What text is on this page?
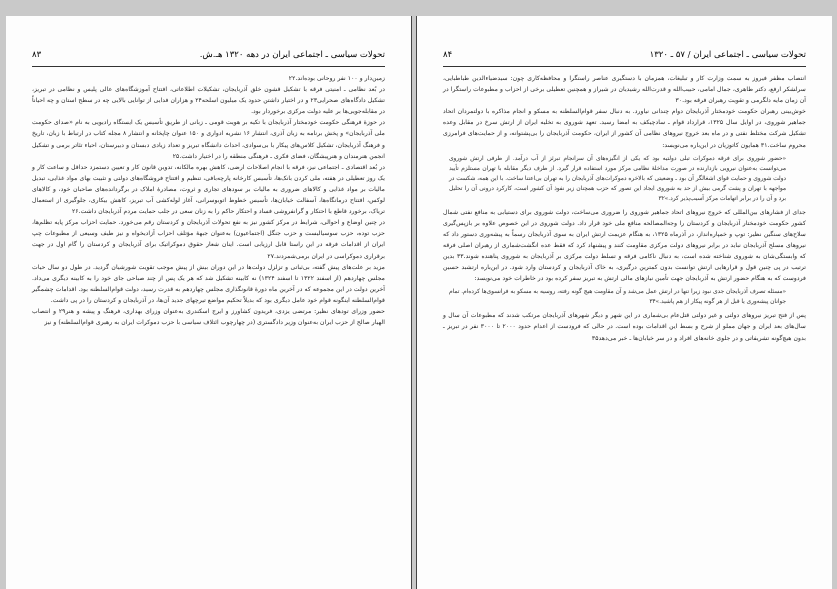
تحولات سیاسی ـ اجتماعی ایران در دهه ۱۳۲۰ هـ.ش.
۸۳

زمین‌دار و ۱۰۰ نفر روحانی بوده‌اند.۲۲

در بُعد نظامی ـ امنیتی فرقه با تشکیل قشون خلق آذربایجان، تشکیلات اطلاعاتی، افتتاح آموزشگاه‌های عالی پلیس و نظامی در تبریز، تشکیل دادگاه‌های صحرایی۲۳ و در اختیار داشتن حدود یک میلیون اسلحه۲۴ و هزاران فدایی از توانایی بالایی چه در سطح استان و چه احیاناً در مقابله‌جویی‌ها بر علیه دولت مرکزی برخوردار بود.

در حوزهٔ فرهنگی حکومت خودمختار آذربایجان با تکیه بر هویت قومی ـ زبانی از طریق تأسیس یک ایستگاه رادیویی به نام «صدای حکومت ملی آذربایجان» و پخش برنامه به زبان آذری، انتشار ۱۶ نشریه ادواری و ۱۵۰ عنوان چاپخانه و انتشار ۸ مجله کتاب در ارتباط با زبان، تاریخ و فرهنگ آذربایجان، تشکیل کلاس‌های پیکار با بی‌سوادی، احداث دانشگاه تبریز و تعداد زیادی دبستان و دبیرستان، احیاء تئاتر برمی و تشکیل انجمن هنرمندان و هنرپیشگان، فضای فکری ـ فرهنگی منطقه را در اختیار داشت.۲۵

در بُعد اقتصادی ـ اجتماعی نیز، فرقه با انجام اصلاحات ارضی، کاهش بهره مالکانه، تدوین قانون کار و تعیین دستمزد حداقل و ساعت کار و یک روز تعطیلی در هفته، ملی کردن بانک‌ها، تأسیس کارخانه پارچه‌بافی، تنظیم و افتتاح فروشگاه‌های دولتی و تثبیت بهای مواد غذایی، تبدیل مالیات بر مواد غذایی و کالاهای ضروری به مالیات بر سودهای تجاری و ثروت، مصادرهٔ املاک در برگردانده‌های صاحبان خود، و کالاهای لوکس، افتتاح درمانگاه‌ها، آسفالت خیابان‌ها، تأسیس خطوط اتوبوسرانی، آغاز لوله‌کشی آب تبریز، کاهش بیکاری، جلوگیری از استعمال تریاک، برخورد قاطع با احتکار و گرانفروشی فساد و احتکار حاکم را به زنان سعی در جلب حمایت مردم آذربایجان داشت.۲۶

در چنین اوضاع و احوالی، شرایط در مرکز کشور نیز به نفع تحولات آذربایجان و کردستان رقم می‌خورد. حمایت احزاب مرکز پایه تظلم‌ها، حزب توده، حزب سوسیالیست و حزب جنگل (اجتماعیون) به‌عنوان جبههٔ مؤتلف احزاب آزادیخواه و نیز طیف وسیعی از مطبوعات چپ ایران از اقدامات فرقه در این راستا قابل ارزیابی است. اینان شعار حقوق دموکراتیک برای آذربایجان و کردستان را گام اول در جهت برقراری دموکراسی در ایران برمی‌شمردند.۲۷

مزید بر علت‌های پیش گفته، بی‌ثباتی و تزلزل دولت‌ها در این دوران بیش از پیش موجب تقویت شورشیان گردید. در طول دو سال حیات مجلس چهاردهم (از اسفند ۱۳۲۲ تا اسفند ۱۳۲۴) نه کابینه تشکیل شد که هر یک پس از چند صباحی جای خود را به کابینه دیگری می‌داد. آخرین دولت در این مجموعه که در آخرین ماه دورهٔ قانونگذاری مجلس چهاردهم به قدرت رسید، دولت قوام‌السلطنه بود. اقدامات چشمگیر قوام‌السلطنه اینگونه قوام خود عامل دیگری بود که بدیلاً تحکیم مواضع تیرچهای جدید آن‌ها، در آذربایجان و کردستان را در پی داشت.

حضور وزرای تودهای نظیر: مرتضی یزدی، فریدون کشاورز و ایرج اسکندری به‌عنوان وزرای بهداری، فرهنگ و پیشه و هنر۲۹ و انتصاب الهیار صالح از حزب ایران به‌عنوان وزیر دادگستری (در چهارچوب ائتلاف سیاسی با حزب دموکرات ایران به رهبری قوام‌السلطنه) و نیز

تحولات سیاسی ـ اجتماعی ایران / ۵۷ ـ ۱۳۲۰
۸۴

انتصاب مظفر فیروز به سمت وزارت کار و تبلیغات، همزمان با دستگیری عناصر راستگرا و محافظه‌کاری چون: سیدضیاءالدین طباطبایی، سرلشکر ارفع، دکتر طاهری، جمال امامی، حبیب‌الله و قدرت‌الله رشیدیان در شیراز و همچنین تعطیلی برخی از احزاب و مطبوعات راستگرا در آن زمان مایه دلگرمی و تقویت رهبران فرقه بود.۳۰

خوش‌بینی رهبران حکومت خودمختار آذربایجان دوام چندانی نیاورد. به دنبال سفر قوام‌السلطنه به مسکو و انجام مذاکره با دولتمردان اتحاد جماهیر شوروی، در اوایل سال ۱۳۲۵، قرارداد قوام ـ سادچیکف به امضا رسید. تعهد شوروی به تخلیه ایران از ارتش سرخ در مقابل وعده تشکیل شرکت مختلط نفتی و در ماه بعد خروج نیروهای نظامی آن کشور از ایران، حکومت آذربایجان را بی‌پشتوانه، و از حمایت‌های فرامرزی محروم ساخت.۳۱ همایون کاتوزیان در این‌باره می‌نویسد:

«حضور شوروی برای فرقه دموکرات تبلی دولتیه بود که یکی از انگیزه‌های آن سرانجام تبرئز از آب درآمد. از طرفی ارتش شوروی می‌توانست بەعنوان نیرویی بازدارنده در صورت مداخلهٔ نظامی مرکز مورد استفاده قرار گیرد. از طرف دیگر مقابله با تهران مستلزم تأیید دولت شوروی و حمایت قوای اشغالگر آن بود ـ وضعیتی که بالاخره دموکرات‌های آذربایجان را به تهران بی‌اعتنا ساخت. با این همه، شکست در مواجهه با تهران و پشت گرمی بیش از حد به شوروی ایجاد این تصور که حزب همچنان زیر نفوذ آن کشور است، کارکرد درونی آن را تحلیل برد و آن را در برابر اتهامات مرکز آسیب‌پذیر کرد.»۳۲

جدای از فشارهای بین‌المللی که خروج نیروهای اتحاد جماهیر شوروی را ضروری می‌ساخت، دولت شوروی برای دستیابی به منافع نفتی شمال کشور حکومت خودمختار آذربایجان و کردستان را وجه‌المصالحه منافع ملی خود قرار داد. دولت شوروی در این خصوص علاوه بر بازپس‌گیری سلاح‌های سنگین نظیر: توپ و خمپاره‌انداز، در آذرماه ۱۳۲۵، به هنگام عزیمت ارتش ایران به سوی آذربایجان رسماً به پیشه‌وری دستور داد که نیروهای مسلح آذربایجان نباید در برابر نیروهای دولت مرکزی مقاومت کنند و پیشنهاد کرد که فقط عده انگشت‌شماری از رهبران اصلی فرقه که وابستگی‌شان به شوروی شناخته شده است، به دنبال ناکامی فرقه و تسلط دولت مرکزی بر آذربایجان به شوروی پناهنده شوند.۳۳ بدین ترتیب در پی چنین قول و قرارهایی ارتش توانست بدون کمترین درگیری، به خاک آذربایجان و کردستان وارد شود. در این‌باره ارتشبد حسین فردوست که به هنگام حضور ارتش به آذربایجان جهت تأمین نیازهای مالی ارتش به تبریز سفر کرده بود در خاطرات خود می‌نویسد:

«مسئله تصرف آذربایجان جدی نبود زیرا تنها در ارتش عمل می‌شد و آن مقاومت هیچ گونه رفته، روسیه به مسکو به فرانسوی‌ها کرده‌ام. تمام جوانان پیشه‌وری یا قبل از هر گونه پیکار از هم پاشید.»۳۴

پس از فتح تبریز نیروهای دولتی و غیر دولتی قتل‌عام بی‌شماری در این شهر و دیگر شهرهای آذربایجان مرتکب شدند که مطبوعات آن سال و سال‌های بعد ایران و جهان مملو از شرح و بسط این اقدامات بوده است. در حالی که فرودست از اعدام حدود ۲۰۰۰ تا ۳۰۰۰ نفر در تبریز ـ بدون هیچ‌گونه تشریفاتی و در جلوی خانه‌های افراد و در سر خیابان‌ها ـ خبر می‌دهد۳۵
